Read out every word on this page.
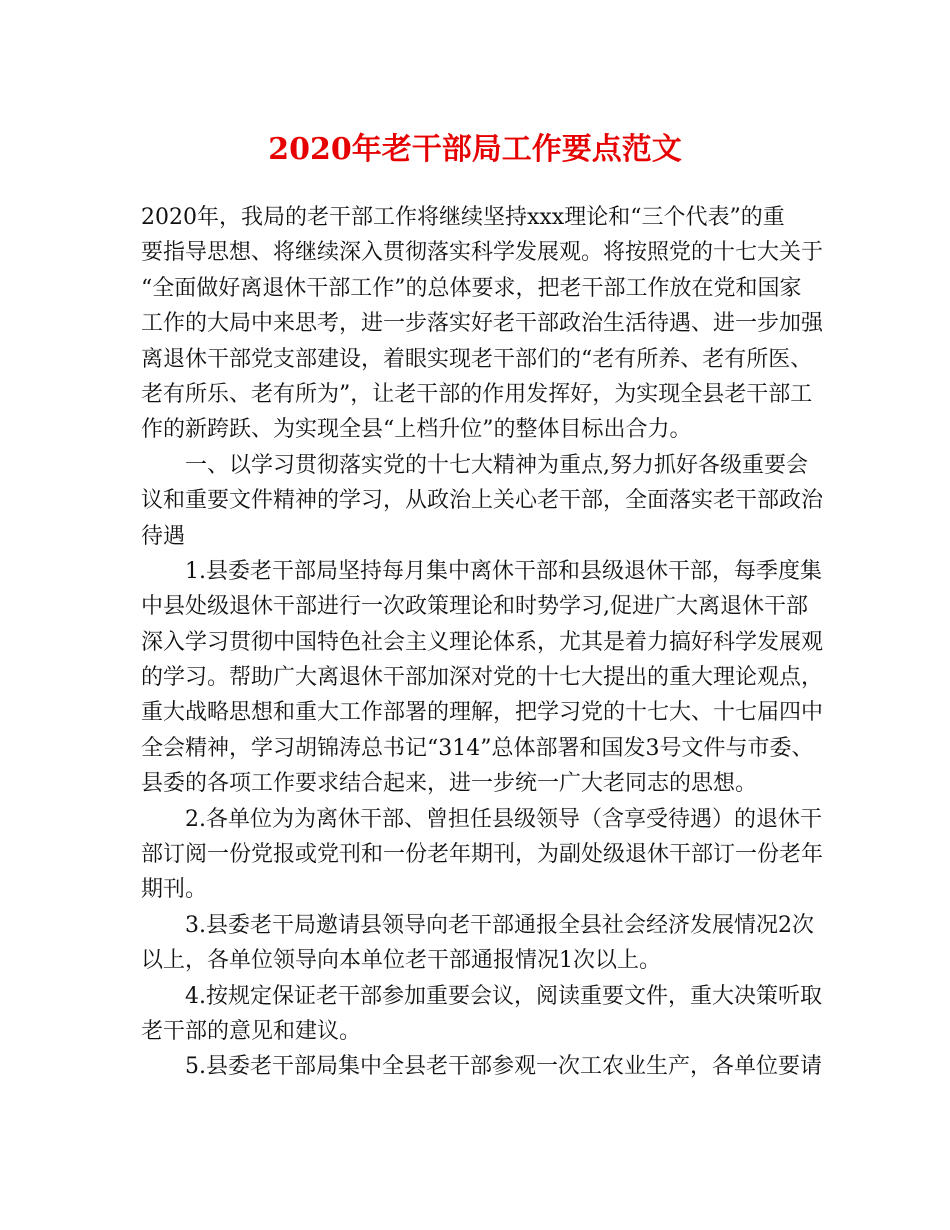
2020年老干部局工作要点范文
2020年，我局的老干部工作将继续坚持xxx理论和“三个代表”的重
要指导思想、将继续深入贯彻落实科学发展观。将按照党的十七大关于
“全面做好离退休干部工作”的总体要求，把老干部工作放在党和国家
工作的大局中来思考，进一步落实好老干部政治生活待遇、进一步加强
离退休干部党支部建设，着眼实现老干部们的“老有所养、老有所医、
老有所乐、老有所为”，让老干部的作用发挥好，为实现全县老干部工
作的新跨跃、为实现全县“上档升位”的整体目标出合力。
一、以学习贯彻落实党的十七大精神为重点,努力抓好各级重要会
议和重要文件精神的学习，从政治上关心老干部，全面落实老干部政治
待遇
1.县委老干部局坚持每月集中离休干部和县级退休干部，每季度集
中县处级退休干部进行一次政策理论和时势学习,促进广大离退休干部
深入学习贯彻中国特色社会主义理论体系，尤其是着力搞好科学发展观
的学习。帮助广大离退休干部加深对党的十七大提出的重大理论观点，
重大战略思想和重大工作部署的理解，把学习党的十七大、十七届四中
全会精神，学习胡锦涛总书记“314”总体部署和国发3号文件与市委、
县委的各项工作要求结合起来，进一步统一广大老同志的思想。
2.各单位为为离休干部、曾担任县级领导（含享受待遇）的退休干
部订阅一份党报或党刊和一份老年期刊，为副处级退休干部订一份老年
期刊。
3.县委老干局邀请县领导向老干部通报全县社会经济发展情况2次
以上，各单位领导向本单位老干部通报情况1次以上。
4.按规定保证老干部参加重要会议，阅读重要文件，重大决策听取
老干部的意见和建议。
5.县委老干部局集中全县老干部参观一次工农业生产，各单位要请
